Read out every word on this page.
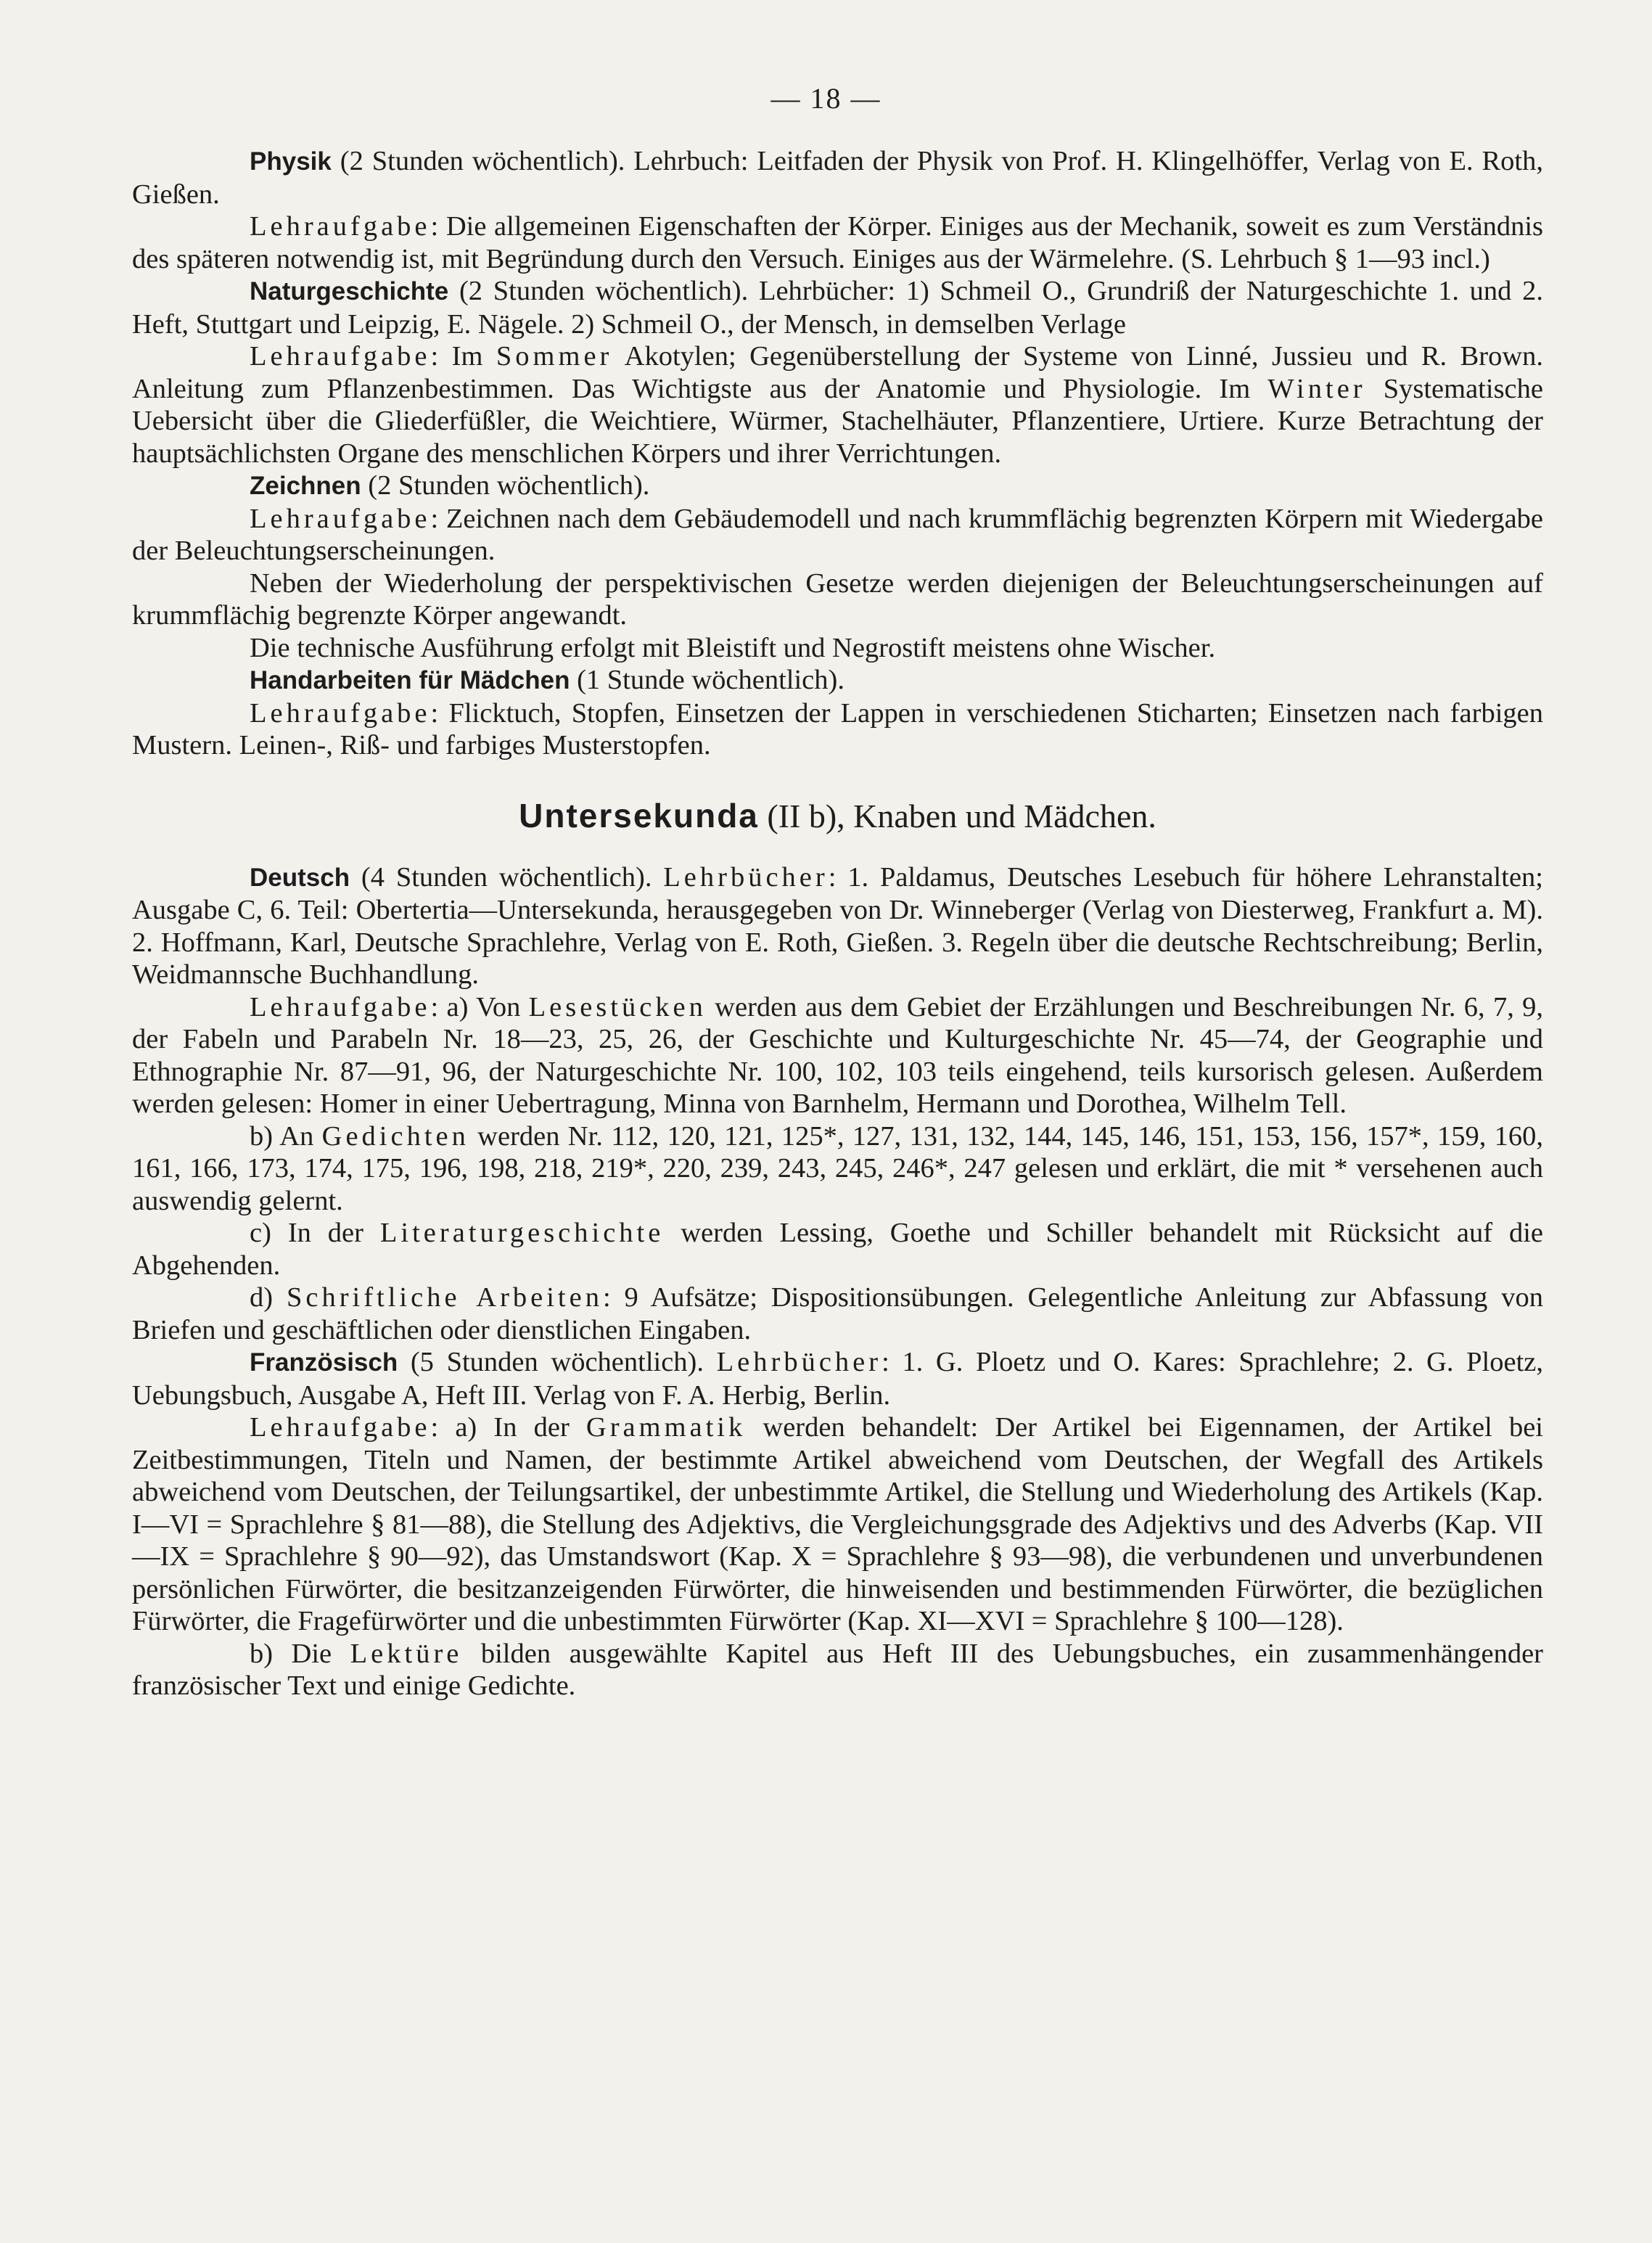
— 18 —

Physik (2 Stunden wöchentlich). Lehrbuch: Leitfaden der Physik von Prof. H. Klingelhöffer, Verlag von E. Roth, Gießen.

Lehraufgabe: Die allgemeinen Eigenschaften der Körper. Einiges aus der Mechanik, soweit es zum Verständnis des späteren notwendig ist, mit Begründung durch den Versuch. Einiges aus der Wärmelehre. (S. Lehrbuch § 1—93 incl.)

Naturgeschichte (2 Stunden wöchentlich). Lehrbücher: 1) Schmeil O., Grundriß der Naturgeschichte 1. und 2. Heft, Stuttgart und Leipzig, E. Nägele. 2) Schmeil O., der Mensch, in demselben Verlage

Lehraufgabe: Im Sommer Akotylen; Gegenüberstellung der Systeme von Linné, Jussieu und R. Brown. Anleitung zum Pflanzenbestimmen. Das Wichtigste aus der Anatomie und Physiologie. Im Winter Systematische Uebersicht über die Gliederfüßler, die Weichtiere, Würmer, Stachelhäuter, Pflanzentiere, Urtiere. Kurze Betrachtung der hauptsächlichsten Organe des menschlichen Körpers und ihrer Verrichtungen.

Zeichnen (2 Stunden wöchentlich).

Lehraufgabe: Zeichnen nach dem Gebäudemodell und nach krummflächig begrenzten Körpern mit Wiedergabe der Beleuchtungserscheinungen.

Neben der Wiederholung der perspektivischen Gesetze werden diejenigen der Beleuchtungserscheinungen auf krummflächig begrenzte Körper angewandt.

Die technische Ausführung erfolgt mit Bleistift und Negrostift meistens ohne Wischer.

Handarbeiten für Mädchen (1 Stunde wöchentlich).

Lehraufgabe: Flicktuch, Stopfen, Einsetzen der Lappen in verschiedenen Sticharten; Einsetzen nach farbigen Mustern. Leinen-, Riß- und farbiges Musterstopfen.

Untersekunda (II b), Knaben und Mädchen.

Deutsch (4 Stunden wöchentlich). Lehrbücher: 1. Paldamus, Deutsches Lesebuch für höhere Lehranstalten; Ausgabe C, 6. Teil: Obertertia—Untersekunda, herausgegeben von Dr. Winneberger (Verlag von Diesterweg, Frankfurt a. M). 2. Hoffmann, Karl, Deutsche Sprachlehre, Verlag von E. Roth, Gießen. 3. Regeln über die deutsche Rechtschreibung; Berlin, Weidmannsche Buchhandlung.

Lehraufgabe: a) Von Lesestücken werden aus dem Gebiet der Erzählungen und Beschreibungen Nr. 6, 7, 9, der Fabeln und Parabeln Nr. 18—23, 25, 26, der Geschichte und Kulturgeschichte Nr. 45—74, der Geographie und Ethnographie Nr. 87—91, 96, der Naturgeschichte Nr. 100, 102, 103 teils eingehend, teils kursorisch gelesen. Außerdem werden gelesen: Homer in einer Uebertragung, Minna von Barnhelm, Hermann und Dorothea, Wilhelm Tell.

b) An Gedichten werden Nr. 112, 120, 121, 125*, 127, 131, 132, 144, 145, 146, 151, 153, 156, 157*, 159, 160, 161, 166, 173, 174, 175, 196, 198, 218, 219*, 220, 239, 243, 245, 246*, 247 gelesen und erklärt, die mit * versehenen auch auswendig gelernt.

c) In der Literaturgeschichte werden Lessing, Goethe und Schiller behandelt mit Rücksicht auf die Abgehenden.

d) Schriftliche Arbeiten: 9 Aufsätze; Dispositionsübungen. Gelegentliche Anleitung zur Abfassung von Briefen und geschäftlichen oder dienstlichen Eingaben.

Französisch (5 Stunden wöchentlich). Lehrbücher: 1. G. Ploetz und O. Kares: Sprachlehre; 2. G. Ploetz, Uebungsbuch, Ausgabe A, Heft III. Verlag von F. A. Herbig, Berlin.

Lehraufgabe: a) In der Grammatik werden behandelt: Der Artikel bei Eigennamen, der Artikel bei Zeitbestimmungen, Titeln und Namen, der bestimmte Artikel abweichend vom Deutschen, der Wegfall des Artikels abweichend vom Deutschen, der Teilungsartikel, der unbestimmte Artikel, die Stellung und Wiederholung des Artikels (Kap. I—VI = Sprachlehre § 81—88), die Stellung des Adjektivs, die Vergleichungsgrade des Adjektivs und des Adverbs (Kap. VII—IX = Sprachlehre § 90—92), das Umstandswort (Kap. X = Sprachlehre § 93—98), die verbundenen und unverbundenen persönlichen Fürwörter, die besitzanzeigenden Fürwörter, die hinweisenden und bestimmenden Fürwörter, die bezüglichen Fürwörter, die Fragefürwörter und die unbestimmten Fürwörter (Kap. XI—XVI = Sprachlehre § 100—128).

b) Die Lektüre bilden ausgewählte Kapitel aus Heft III des Uebungsbuches, ein zusammenhängender französischer Text und einige Gedichte.
